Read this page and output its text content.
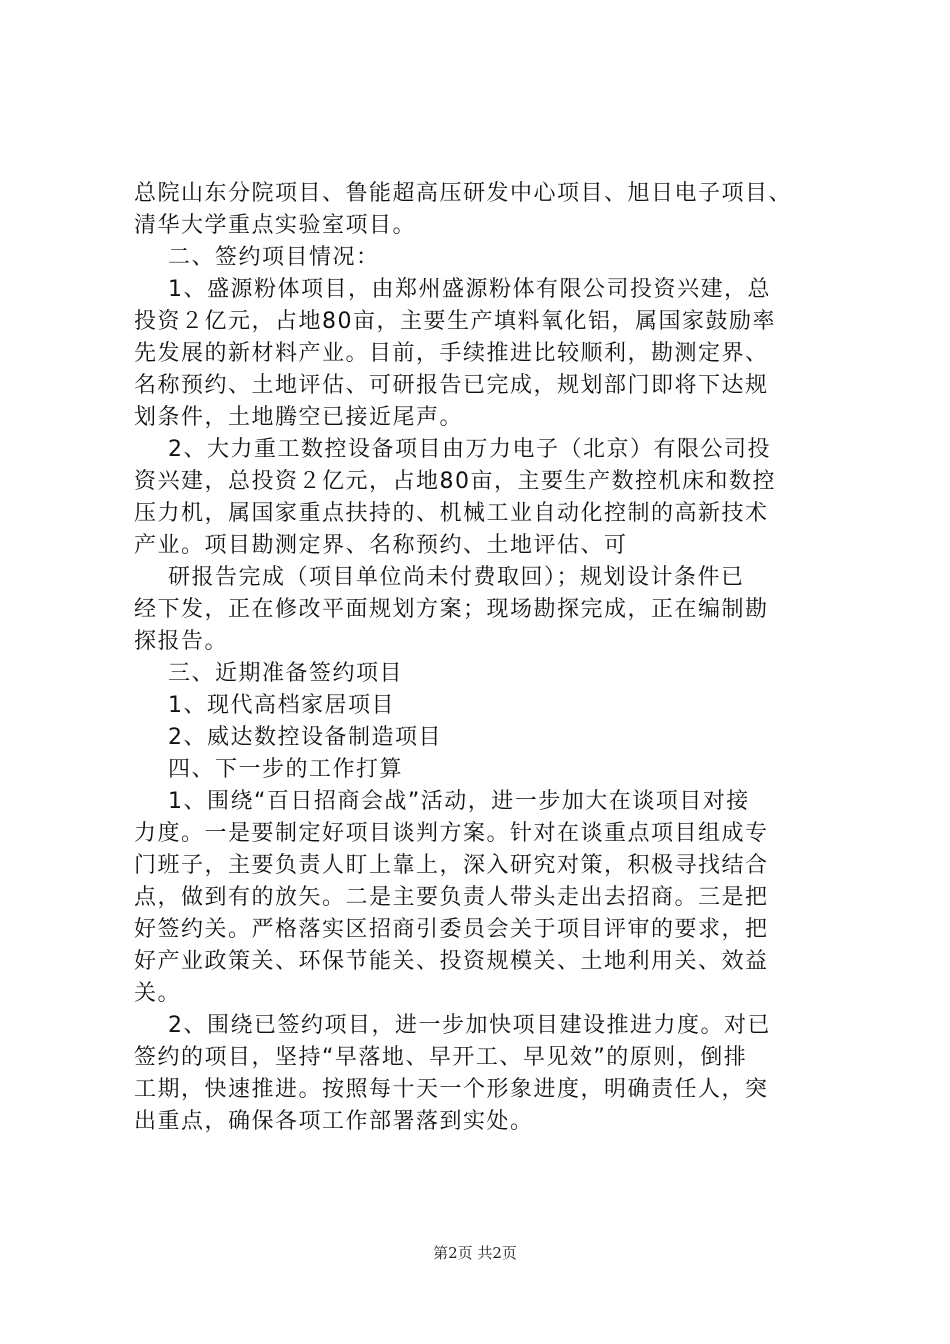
总院山东分院项目、鲁能超高压研发中心项目、旭日电子项目、
清华大学重点实验室项目。
二、签约项目情况：
1、盛源粉体项目，由郑州盛源粉体有限公司投资兴建，总
投资２亿元，占地80亩，主要生产填料氧化铝，属国家鼓励率
先发展的新材料产业。目前，手续推进比较顺利，勘测定界、
名称预约、土地评估、可研报告已完成，规划部门即将下达规
划条件，土地腾空已接近尾声。
2、大力重工数控设备项目由万力电子（北京）有限公司投
资兴建，总投资２亿元，占地80亩，主要生产数控机床和数控
压力机，属国家重点扶持的、机械工业自动化控制的高新技术
产业。项目勘测定界、名称预约、土地评估、可
研报告完成（项目单位尚未付费取回）；规划设计条件已
经下发，正在修改平面规划方案；现场勘探完成，正在编制勘
探报告。
三、近期准备签约项目
1、现代高档家居项目
2、威达数控设备制造项目
四、下一步的工作打算
1、围绕“百日招商会战”活动，进一步加大在谈项目对接
力度。一是要制定好项目谈判方案。针对在谈重点项目组成专
门班子，主要负责人盯上靠上，深入研究对策，积极寻找结合
点，做到有的放矢。二是主要负责人带头走出去招商。三是把
好签约关。严格落实区招商引委员会关于项目评审的要求，把
好产业政策关、环保节能关、投资规模关、土地利用关、效益
关。
2、围绕已签约项目，进一步加快项目建设推进力度。对已
签约的项目，坚持“早落地、早开工、早见效”的原则，倒排
工期，快速推进。按照每十天一个形象进度，明确责任人，突
出重点，确保各项工作部署落到实处。
第2页 共2页
